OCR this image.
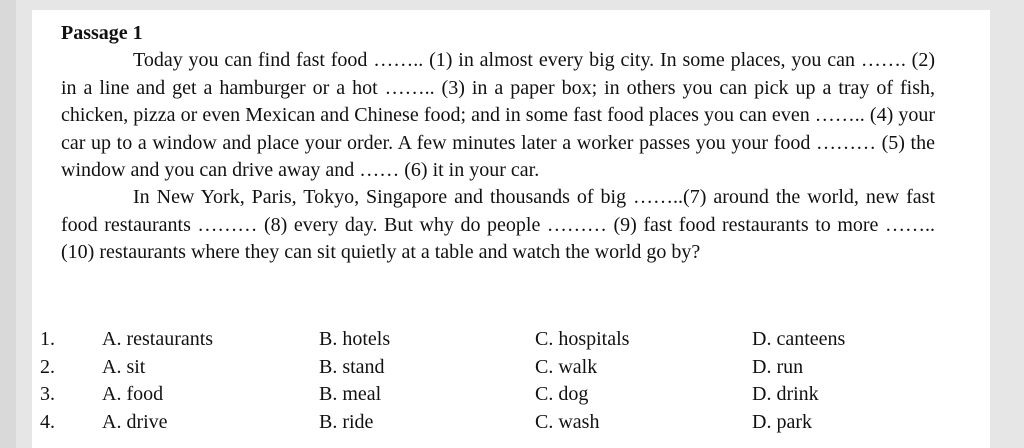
Passage 1

Today you can find fast food …….. (1) in almost every big city. In some places, you can ……. (2) in a line and get a hamburger or a hot …….. (3) in a paper box; in others you can pick up a tray of fish, chicken, pizza or even Mexican and Chinese food; and in some fast food places you can even …….. (4) your car up to a window and place your order. A few minutes later a worker passes you your food ……… (5) the window and you can drive away and …… (6) it in your car.

In New York, Paris, Tokyo, Singapore and thousands of big ……..(7) around the world, new fast food restaurants ……… (8) every day. But why do people ……… (9) fast food restaurants to more …….. (10) restaurants where they can sit quietly at a table and watch the world go by?

1. A. restaurants	B. hotels	C. hospitals	D. canteens
2. A. sit	B. stand	C. walk	D. run
3. A. food	B. meal	C. dog	D. drink
4. A. drive	B. ride	C. wash	D. park
